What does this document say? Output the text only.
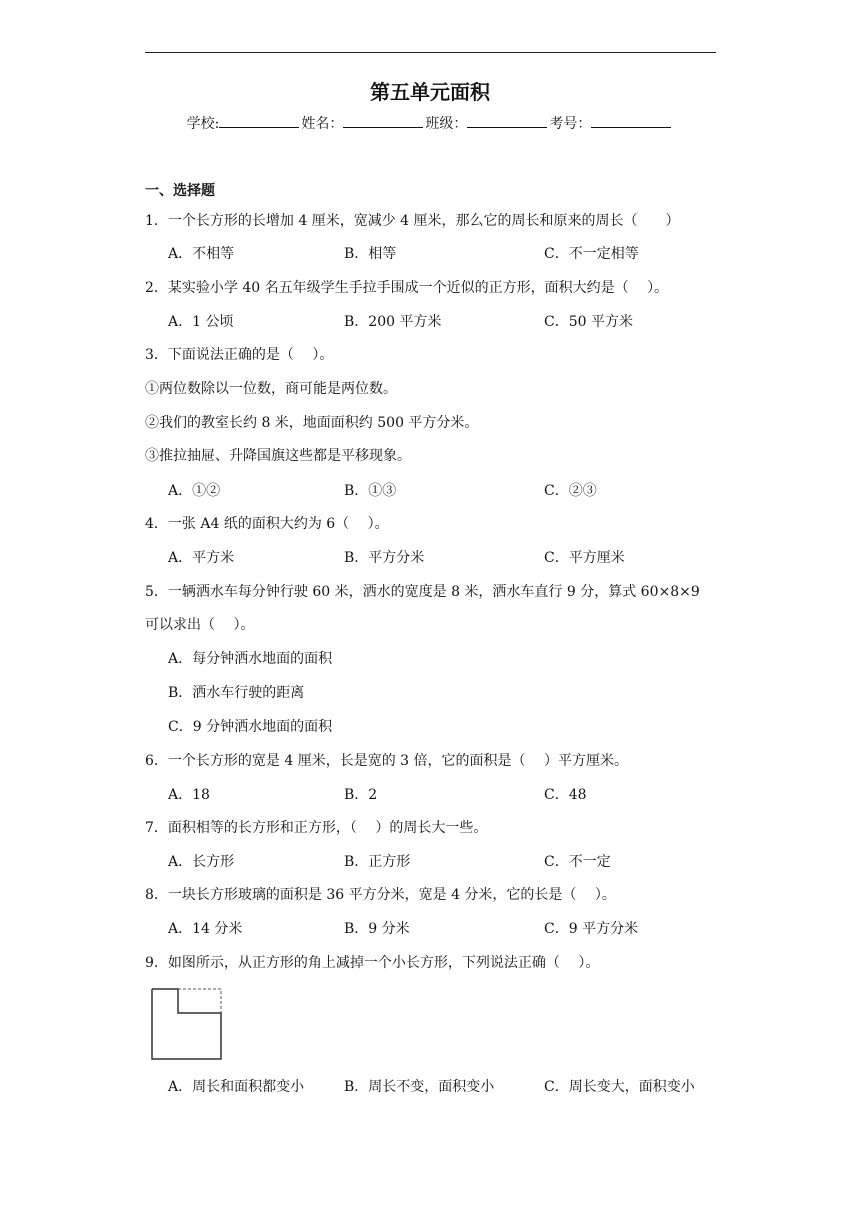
第五单元面积
学校:	姓名：	班级：	考号：
一、选择题
1．一个长方形的长增加 4 厘米，宽减少 4 厘米，那么它的周长和原来的周长（　　）
A．不相等	B．相等	C．不一定相等
2．某实验小学 40 名五年级学生手拉手围成一个近似的正方形，面积大约是（　 ）。
A．1 公顷	B．200 平方米	C．50 平方米
3．下面说法正确的是（　 ）。
①两位数除以一位数，商可能是两位数。
②我们的教室长约 8 米，地面面积约 500 平方分米。
③推拉抽屉、升降国旗这些都是平移现象。
A．①②	B．①③	C．②③
4．一张 A4 纸的面积大约为 6（　 ）。
A．平方米	B．平方分米	C．平方厘米
5．一辆洒水车每分钟行驶 60 米，洒水的宽度是 8 米，洒水车直行 9 分，算式 60×8×9
可以求出（　 ）。
A．每分钟洒水地面的面积
B．洒水车行驶的距离
C．9 分钟洒水地面的面积
6．一个长方形的宽是 4 厘米，长是宽的 3 倍，它的面积是（　 ）平方厘米。
A．18	B．2	C．48
7．面积相等的长方形和正方形，（　 ）的周长大一些。
A．长方形	B．正方形	C．不一定
8．一块长方形玻璃的面积是 36 平方分米，宽是 4 分米，它的长是（　 ）。
A．14 分米	B．9 分米	C．9 平方分米
9．如图所示，从正方形的角上减掉一个小长方形，下列说法正确（　 ）。
A．周长和面积都变小	B．周长不变，面积变小	C．周长变大，面积变小
